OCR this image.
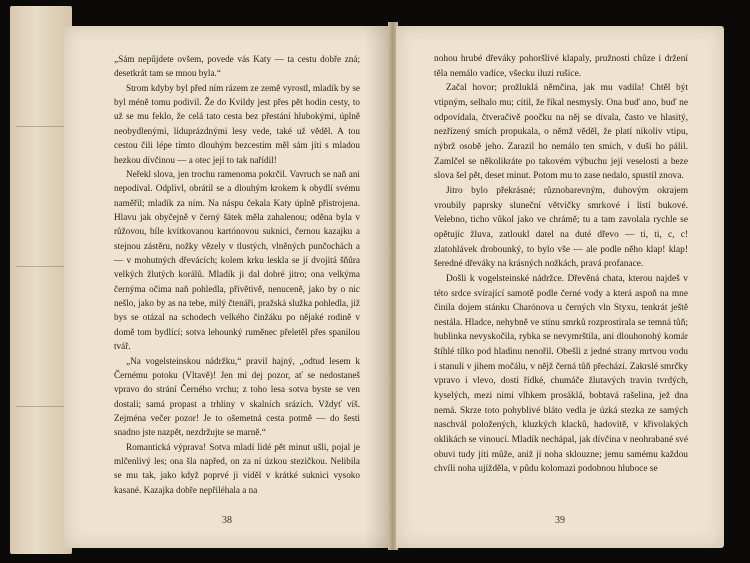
„Sám nepůjdete ovšem, povede vás Katy — ta cestu dobře zná; desetkrát tam se mnou byla.“

Strom kdyby byl před ním rázem ze země vyrostl, mladík by se byl méně tomu podivil. Že do Kvildy jest přes pět hodin cesty, to už se mu feklo, že celá tato cesta bez přestání hlubokými, úplně neobydlenými, liduprázdnými lesy vede, také už věděl. A tou cestou čili lépe tímto dlouhým bezcestím měl sám jíti s mladou hezkou dívčinou — a otec její to tak nařídil!

Neřekl slova, jen trochu ramenoma pokrčil. Vavruch se naň ani nepodíval. Odplivl, obrátil se a dlouhým krokem k obydlí svému naměřil; mladík za ním. Na náspu čekala Katy úplně přistrojena. Hlavu jak obyčejně v černý šátek měla zahalenou; oděna byla v růžovou, bíle kvítkovanou kartónovou suknici, černou kazajku a stejnou zástěru, nožky vězely v tlustých, vlněných punčochách a — v mohutných dřevácích; kolem krku leskla se jí dvojitá šňůra velkých žlutých korálů. Mladík ji dal dobré jitro; ona velkýma černýma očima naň pohledla, přivětivě, nenuceně, jako by o nic nešlo, jako by as na tebe, milý čtenáři, pražská služka pohledla, již bys se otázal na schodech velkého činžáku po nějaké rodině v domě tom bydlící; sotva lehounký ruměnec přeletěl přes spanilou tvář.

„Na vogelsteinskou nádržku,“ pravil hajný, „odtud lesem k Černému potoku (Vltavě)! Jen mi dej pozor, ať se nedostaneš vpravo do strání Černého vrchu; z toho lesa sotva byste se ven dostali; samá propast a trhliny v skalních srázích. Vždyť víš. Zejména večer pozor! Je to ošemetná cesta potmě — do šesti snadno jste nazpět, nezdržujte se marně.“

Romantická výprava! Sotva mladí lidé pět minut ušli, pojal je mlčenlivý les; ona šla napřed, on za ní úzkou stezičkou. Nelibila se mu tak, jako když poprvé ji viděl v krátké suknici vysoko kasané. Kazajka dobře nepřiléhala a na

38

nohou hrubé dřeváky pohoršlivé klapaly, pružnosti chůze i držení těla nemálo vadíce, všecku iluzi rušíce.

Začal hovor; prožluklá němčina, jak mu vadila! Chtěl být vtipným, selhalo mu; cítil, že říkal nesmysly. Ona buď ano, buď ne odpovídala, čtveračivě poočku na něj se dívala, často ve hlasitý, nezřízený smích propukala, o němž věděl, že platí nikoliv vtipu, nýbrž osobě jeho. Zarazil ho nemálo ten smích, v duši ho pálil. Zamlčel se několikráte po takovém výbuchu její veselosti a beze slova šel pět, deset minut. Potom mu to zase nedalo, spustil znova.

Jitro bylo překrásné; různobarevným, duhovým okrajem vroubily paprsky sluneční větvičky smrkové i listí bukové. Velebno, ticho vůkol jako ve chrámě; tu a tam zavolala rychle se opětujíc žluva, zatloukl datel na duté dřevo — ti, ti, c, c! zlatohlávek drobounký, to bylo vše — ale podle něho klap! klap! šeredné dřeváky na krásných nožkách, pravá profanace.

Došli k vogelsteinské nádržce. Dřevěná chata, kterou najdeš v této srdce svírající samotě podle černé vody a která aspoň na mne činila dojem stánku Charónova u černých vln Styxu, tenkrát ještě nestála. Hladce, nehybně ve stínu smrků rozprostírala se temná tůň; bublinka nevyskočila, rybka se nevymrštila, ani dlouhonohý komár štíhlé tílko pod hladinu nenořil. Obešli z jedné strany mrtvou vodu i stanuli v jihem močálu, v nějž černá tůň přechází. Zakrslé smrčky vpravo i vlevo, dosti řídké, chumáče žlutavých travin tvrdých, kyselých, mezi nimi vlhkem prosáklá, bobtavá rašelina, jež dna nemá. Skrze toto pohyblivé bláto vedla je úzká stezka ze samých naschvál položených, kluzkých klacků, hadovitě, v křivolakých oklikách se vinoucí. Mladík nechápal, jak dívčina v neohrabané své obuvi tudy jíti může, aniž jí noha sklouzne; jemu samému každou chvíli noha ujížděla, v půdu kolomazi podobnou hluboce se

39
